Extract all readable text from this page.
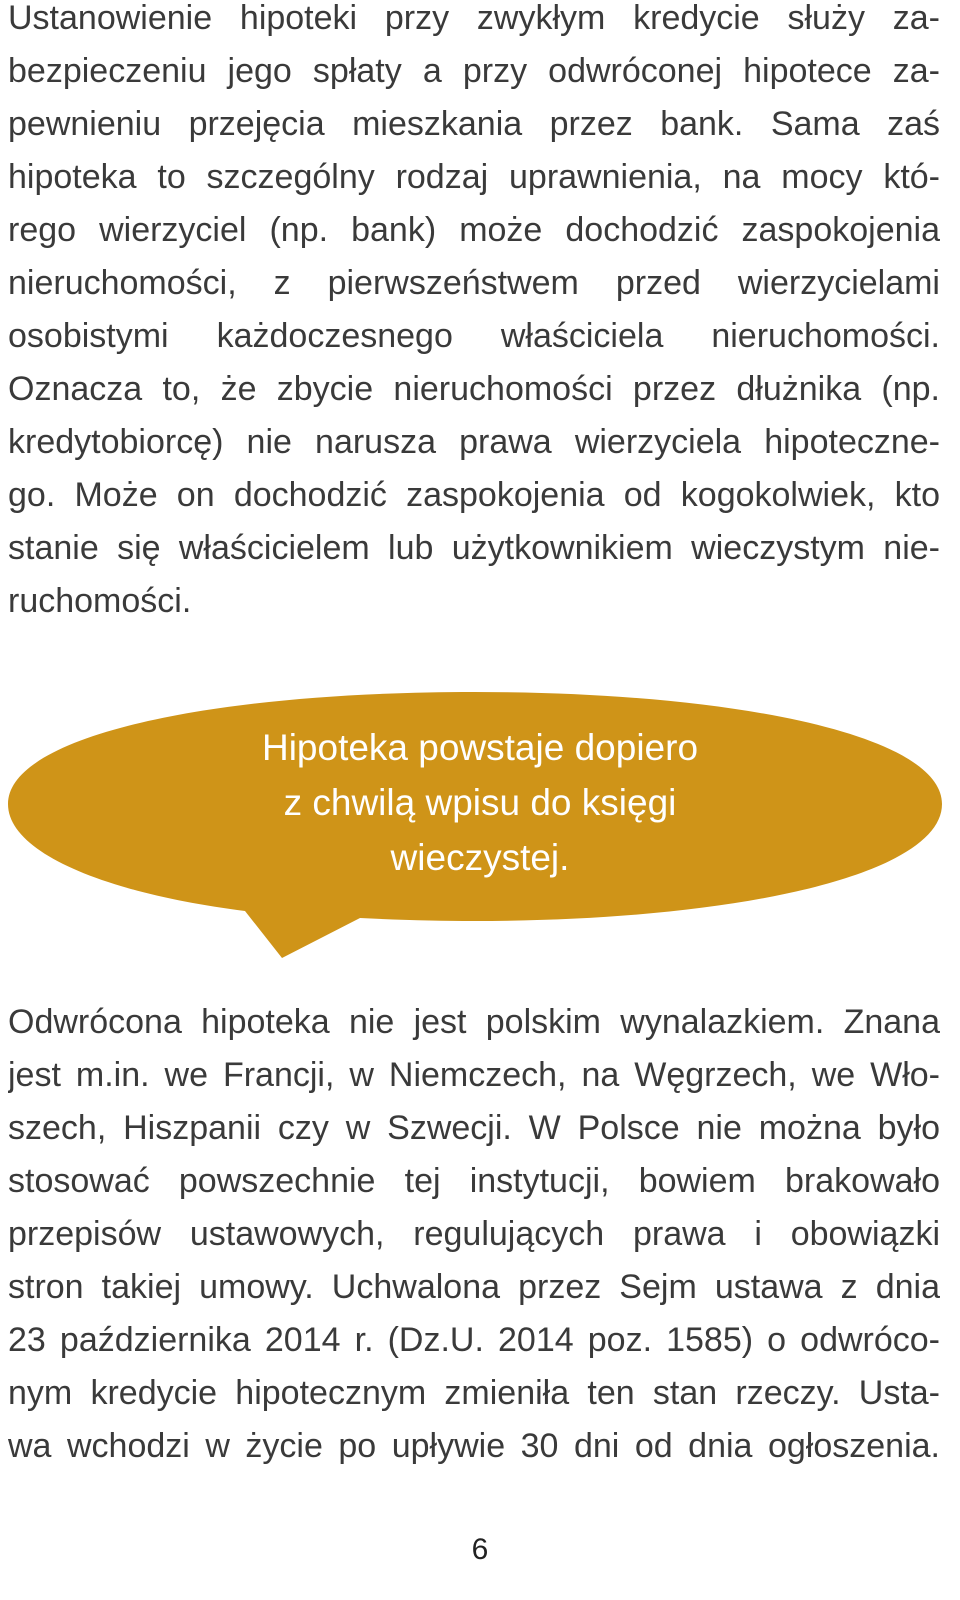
Ustanowienie hipoteki przy zwykłym kredycie służy za-
bezpieczeniu jego spłaty a przy odwróconej hipotece za-
pewnieniu przejęcia mieszkania przez bank. Sama zaś
hipoteka to szczególny rodzaj uprawnienia, na mocy któ-
rego wierzyciel (np. bank) może dochodzić zaspokojenia
nieruchomości, z pierwszeństwem przed wierzycielami
osobistymi każdoczesnego właściciela nieruchomości.
Oznacza to, że zbycie nieruchomości przez dłużnika (np.
kredytobiorcę) nie narusza prawa wierzyciela hipoteczne-
go. Może on dochodzić zaspokojenia od kogokolwiek, kto
stanie się właścicielem lub użytkownikiem wieczystym nie-
ruchomości.
Hipoteka powstaje dopiero
z chwilą wpisu do księgi
wieczystej.
Odwrócona hipoteka nie jest polskim wynalazkiem. Znana
jest m.in. we Francji, w Niemczech, na Węgrzech, we Wło-
szech, Hiszpanii czy w Szwecji. W Polsce nie można było
stosować powszechnie tej instytucji, bowiem brakowało
przepisów ustawowych, regulujących prawa i obowiązki
stron takiej umowy. Uchwalona przez Sejm ustawa z dnia
23 października 2014 r. (Dz.U. 2014 poz. 1585) o odwróco-
nym kredycie hipotecznym zmieniła ten stan rzeczy. Usta-
wa wchodzi w życie po upływie 30 dni od dnia ogłoszenia.
6
